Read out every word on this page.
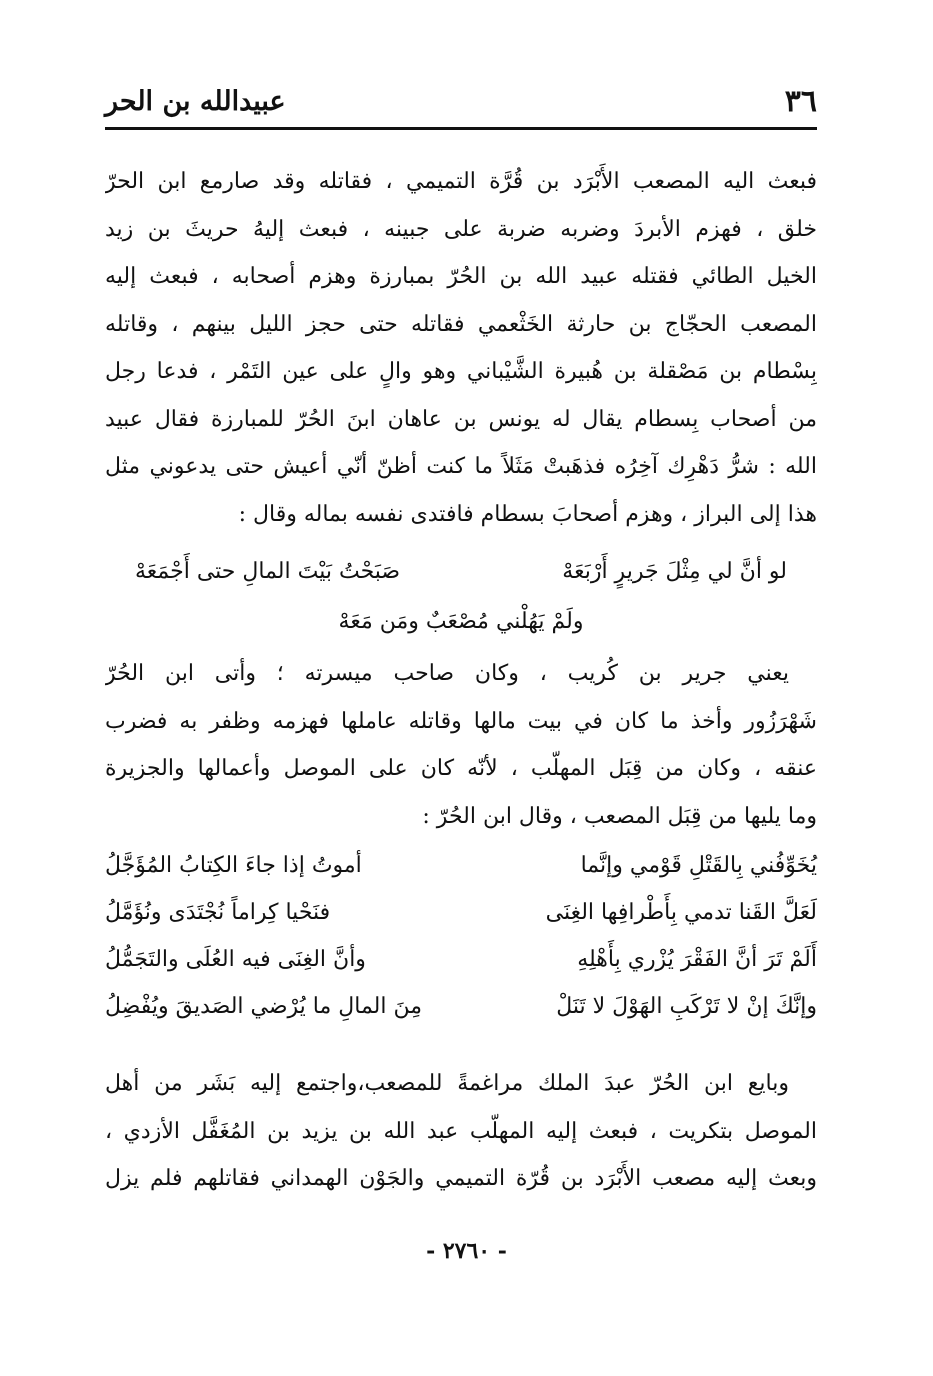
٣٦
عبيدالله بن الحر
فبعث اليه المصعب الأَبْرَد بن قُرَّة التميمي ، فقاتله وقد صارمع ابن الحرّ
خلق ، فهزم الأبردَ وضربه ضربة على جبينه ، فبعث إليهُ حريثَ بن زيد
الخيل الطائي فقتله عبيد الله بن الحُرّ بمبارزة وهزم أصحابه ، فبعث إليه
المصعب الحجّاج بن حارثة الخَثْعمي فقاتله حتى حجز الليل بينهم ، وقاتله
بِسْطام بن مَصْقلة بن هُبيرة الشَّيْباني وهو والٍ على عين التَمْر ، فدعا رجل
من أصحاب بِسطام يقال له يونس بن عاهان ابنَ الحُرّ للمبارزة فقال عبيد
الله : شرُّ دَهْرِك آخِرُه فذهَبتْ مَثَلاً ما كنت أظنّ أنّي أعيش حتى يدعوني مثل
هذا إلى البراز ، وهزم أصحابَ بسطام فافتدى نفسه بماله وقال :
لو أنَّ لي مِثْلَ جَريرٍ أَرْبَعَهْ
صَبَحْتُ بَيْتَ المالِ حتى أَجْمَعَهْ
ولَمْ يَهُلْني مُصْعَبٌ ومَن مَعَهْ
يعني جرير بن كُريب ، وكان صاحب ميسرته ؛ وأتى ابن الحُرّ
شَهْرَزُور وأخذ ما كان في بيت مالها وقاتله عاملها فهزمه وظفر به فضرب
عنقه ، وكان من قِبَل المهلّب ، لأنّه كان على الموصل وأعمالها والجزيرة
وما يليها من قِبَل المصعب ، وقال ابن الحُرّ :
يُخَوِّفُني بِالقَتْلِ قَوْمي وإنَّما
أموتُ إذا جاءَ الكِتابُ المُؤَجَّلُ
لَعَلَّ القَنا تدمي بِأَطْرافِها الغِنَى
فنَحْيا كِراماً نُجْتَدَى ونُؤَمَّلُ
أَلَمْ تَرَ أنَّ الفَقْرَ يُزْري بِأَهْلِهِ
وأنَّ الغِنَى فيه العُلَى والتَجَمُّلُ
وإنَّكَ إنْ لا تَرْكَبِ الهَوْلَ لا تَنَلْ
مِنَ المالِ ما يُرْضي الصَديقَ ويُفْضِلُ
وبايع ابن الحُرّ عبدَ الملك مراغمةً للمصعب،واجتمع إليه بَشَر من أهل
الموصل بتكريت ، فبعث إليه المهلّب عبد الله بن يزيد بن المُغَفَّل الأزدي ،
وبعث إليه مصعب الأَبْرَد بن قُرّة التميمي والجَوْن الهمداني فقاتلهم فلم يزل
- ٢٧٦٠ -
